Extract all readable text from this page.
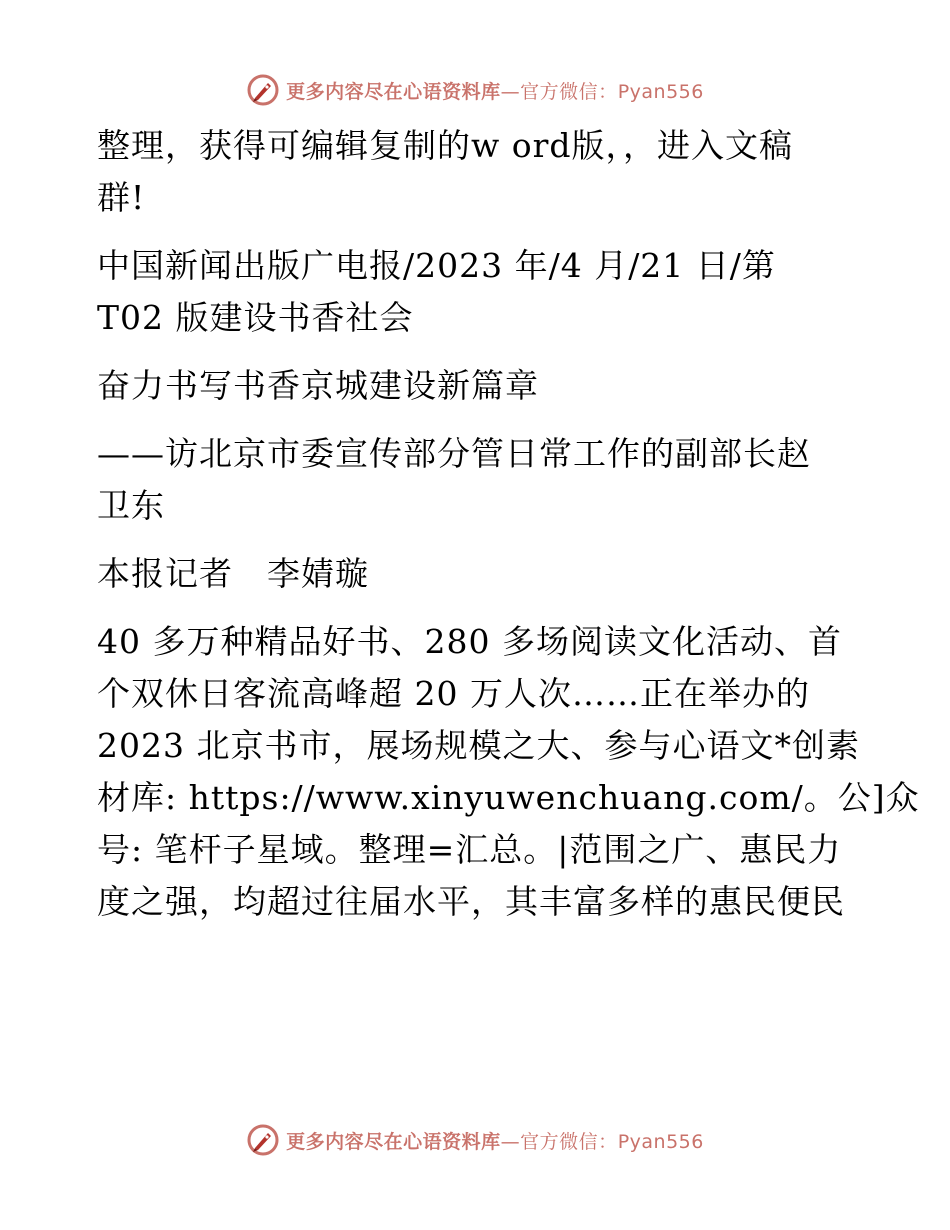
更多内容尽在心语资料库—官方微信：Pyan556

整理，获得可编辑复制的w ord版，，进入文稿
群!

中国新闻出版广电报/2023 年/4 月/21 日/第
T02 版建设书香社会

奋力书写书香京城建设新篇章

——访北京市委宣传部分管日常工作的副部长赵
卫东

本报记者　李婧璇

40 多万种精品好书、280 多场阅读文化活动、首
个双休日客流高峰超 20 万人次……正在举办的
2023 北京书市，展场规模之大、参与心语文*创素
材库: https://www.xinyuwenchuang.com/。公]众
号: 笔杆子星域。整理=汇总。|范围之广、惠民力
度之强，均超过往届水平，其丰富多样的惠民便民

更多内容尽在心语资料库—官方微信：Pyan556
